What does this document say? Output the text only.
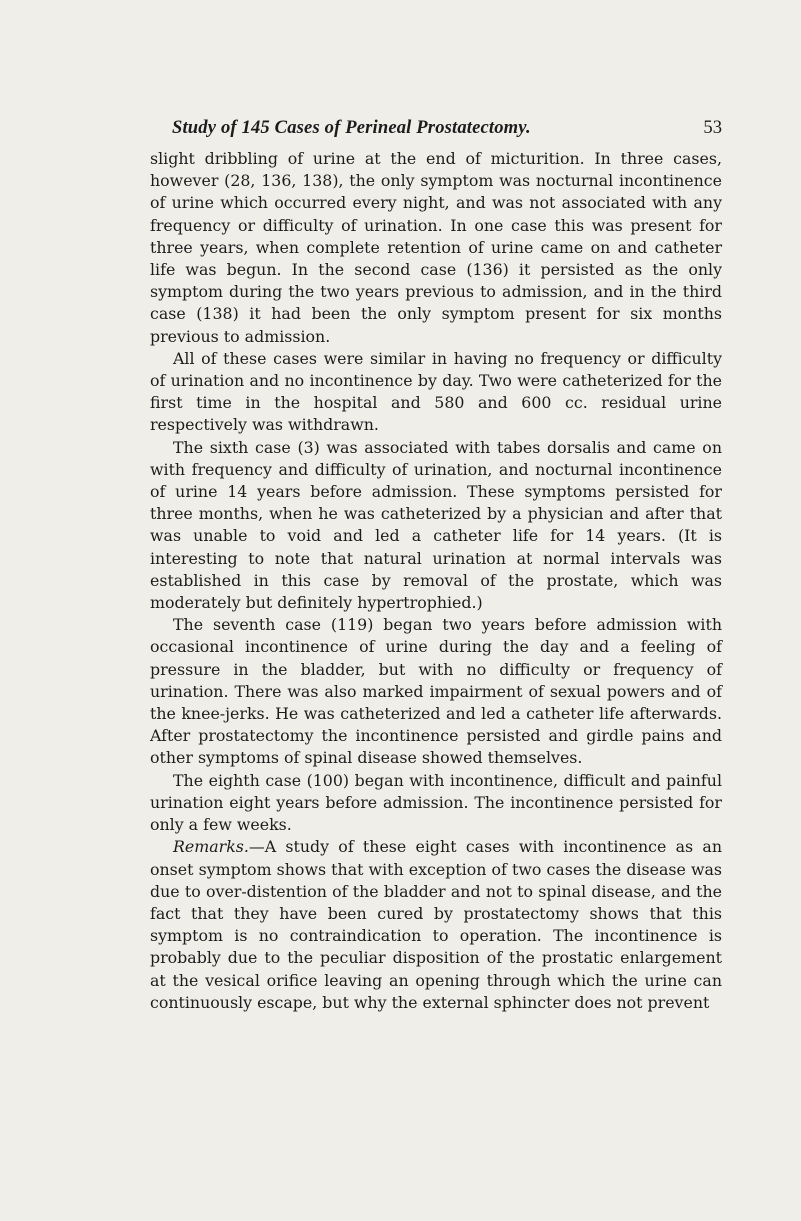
Study of 145 Cases of Perineal Prostatectomy.	53

slight dribbling of urine at the end of micturition. In three cases, however (28, 136, 138), the only symptom was nocturnal incontinence of urine which occurred every night, and was not associated with any frequency or difficulty of urination. In one case this was present for three years, when complete retention of urine came on and catheter life was begun. In the second case (136) it persisted as the only symptom during the two years previous to admission, and in the third case (138) it had been the only symptom present for six months previous to admission.

All of these cases were similar in having no frequency or difficulty of urination and no incontinence by day. Two were catheterized for the first time in the hospital and 580 and 600 cc. residual urine respectively was withdrawn.

The sixth case (3) was associated with tabes dorsalis and came on with frequency and difficulty of urination, and nocturnal incontinence of urine 14 years before admission. These symptoms persisted for three months, when he was catheterized by a physician and after that was unable to void and led a catheter life for 14 years. (It is interesting to note that natural urination at normal intervals was established in this case by removal of the prostate, which was moderately but definitely hypertrophied.)

The seventh case (119) began two years before admission with occasional incontinence of urine during the day and a feeling of pressure in the bladder, but with no difficulty or frequency of urination. There was also marked impairment of sexual powers and of the knee-jerks. He was catheterized and led a catheter life afterwards. After prostatectomy the incontinence persisted and girdle pains and other symptoms of spinal disease showed themselves.

The eighth case (100) began with incontinence, difficult and painful urination eight years before admission. The incontinence persisted for only a few weeks.

Remarks.—A study of these eight cases with incontinence as an onset symptom shows that with exception of two cases the disease was due to over-distention of the bladder and not to spinal disease, and the fact that they have been cured by prostatectomy shows that this symptom is no contraindication to operation. The incontinence is probably due to the peculiar disposition of the prostatic enlargement at the vesical orifice leaving an opening through which the urine can continuously escape, but why the external sphincter does not prevent
